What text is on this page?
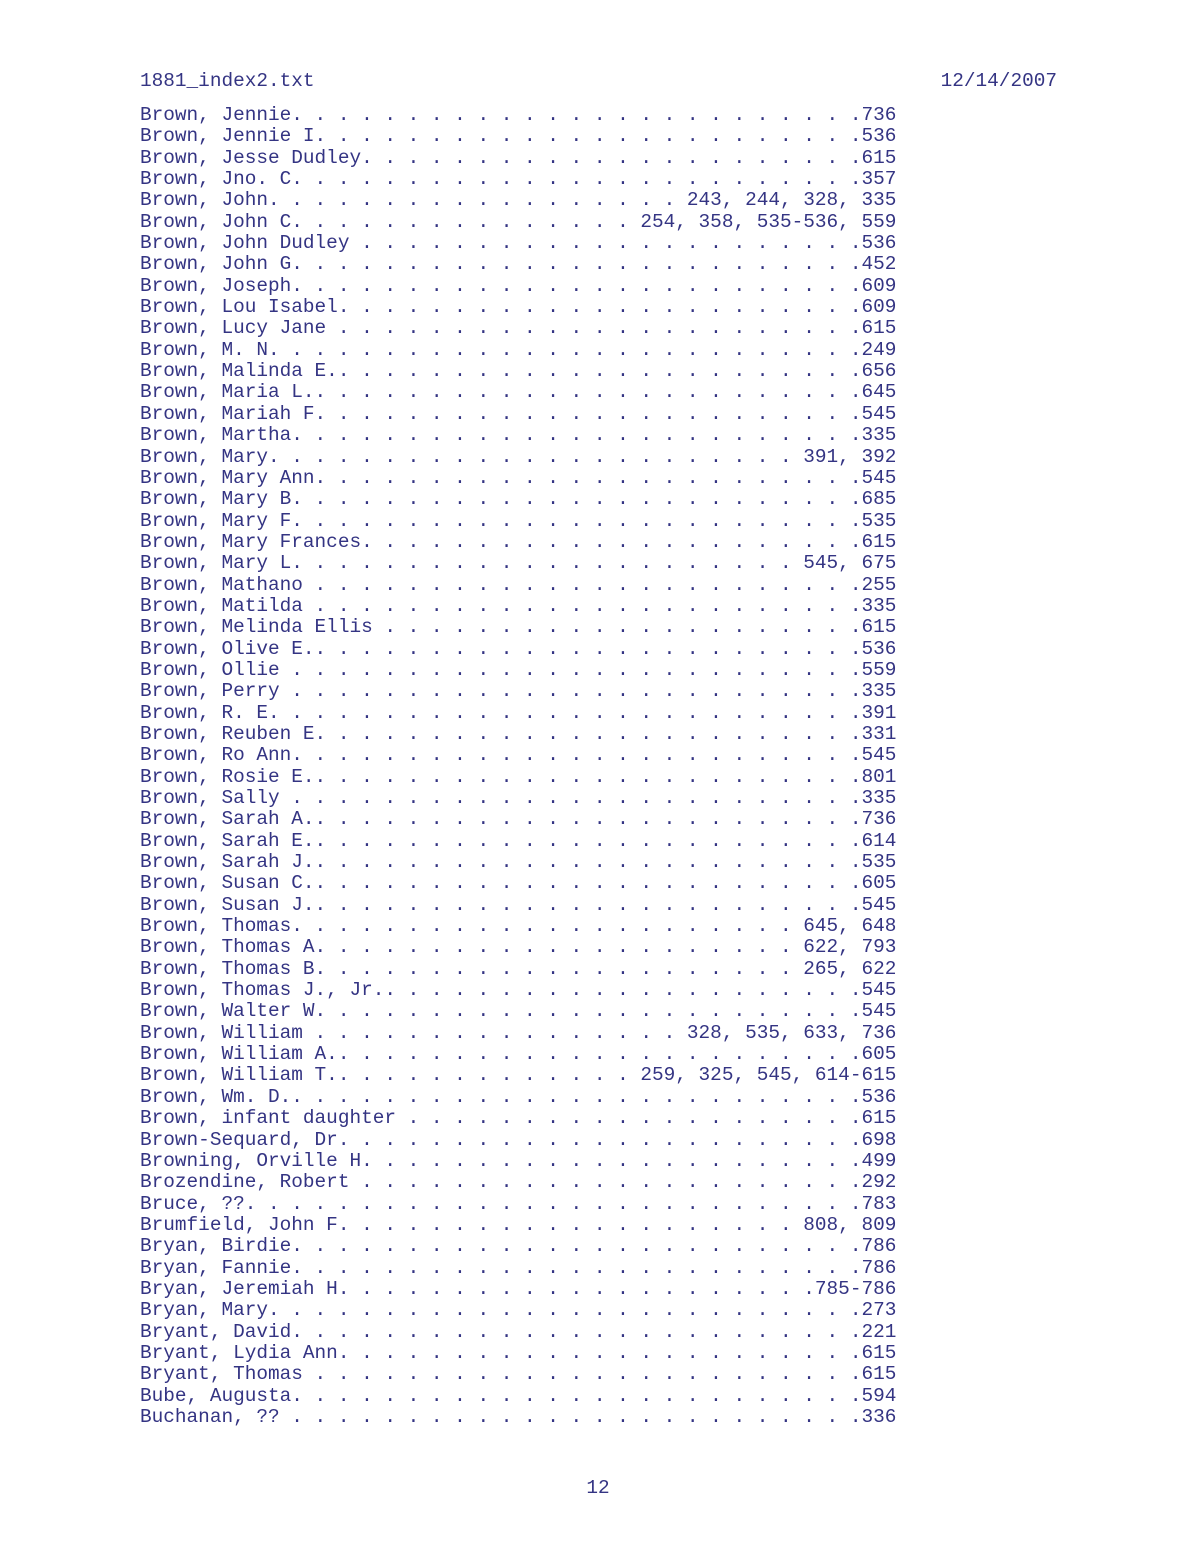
1881_index2.txt	12/14/2007
Brown, Jennie. . . . . . . . . . . . . . . . . . . . . . . . .736
Brown, Jennie I. . . . . . . . . . . . . . . . . . . . . . . .536
Brown, Jesse Dudley. . . . . . . . . . . . . . . . . . . . . .615
Brown, Jno. C. . . . . . . . . . . . . . . . . . . . . . . . .357
Brown, John. . . . . . . . . . . . . . . . . . 243, 244, 328, 335
Brown, John C. . . . . . . . . . . . . . . 254, 358, 535-536, 559
Brown, John Dudley . . . . . . . . . . . . . . . . . . . . . .536
Brown, John G. . . . . . . . . . . . . . . . . . . . . . . . .452
Brown, Joseph. . . . . . . . . . . . . . . . . . . . . . . . .609
Brown, Lou Isabel. . . . . . . . . . . . . . . . . . . . . . .609
Brown, Lucy Jane . . . . . . . . . . . . . . . . . . . . . . .615
Brown, M. N. . . . . . . . . . . . . . . . . . . . . . . . . .249
Brown, Malinda E.. . . . . . . . . . . . . . . . . . . . . . .656
Brown, Maria L.. . . . . . . . . . . . . . . . . . . . . . . .645
Brown, Mariah F. . . . . . . . . . . . . . . . . . . . . . . .545
Brown, Martha. . . . . . . . . . . . . . . . . . . . . . . . .335
Brown, Mary. . . . . . . . . . . . . . . . . . . . . . . 391, 392
Brown, Mary Ann. . . . . . . . . . . . . . . . . . . . . . . .545
Brown, Mary B. . . . . . . . . . . . . . . . . . . . . . . . .685
Brown, Mary F. . . . . . . . . . . . . . . . . . . . . . . . .535
Brown, Mary Frances. . . . . . . . . . . . . . . . . . . . . .615
Brown, Mary L. . . . . . . . . . . . . . . . . . . . . . 545, 675
Brown, Mathano . . . . . . . . . . . . . . . . . . . . . . . .255
Brown, Matilda . . . . . . . . . . . . . . . . . . . . . . . .335
Brown, Melinda Ellis . . . . . . . . . . . . . . . . . . . . .615
Brown, Olive E.. . . . . . . . . . . . . . . . . . . . . . . .536
Brown, Ollie . . . . . . . . . . . . . . . . . . . . . . . . .559
Brown, Perry . . . . . . . . . . . . . . . . . . . . . . . . .335
Brown, R. E. . . . . . . . . . . . . . . . . . . . . . . . . .391
Brown, Reuben E. . . . . . . . . . . . . . . . . . . . . . . .331
Brown, Ro Ann. . . . . . . . . . . . . . . . . . . . . . . . .545
Brown, Rosie E.. . . . . . . . . . . . . . . . . . . . . . . .801
Brown, Sally . . . . . . . . . . . . . . . . . . . . . . . . .335
Brown, Sarah A.. . . . . . . . . . . . . . . . . . . . . . . .736
Brown, Sarah E.. . . . . . . . . . . . . . . . . . . . . . . .614
Brown, Sarah J.. . . . . . . . . . . . . . . . . . . . . . . .535
Brown, Susan C.. . . . . . . . . . . . . . . . . . . . . . . .605
Brown, Susan J.. . . . . . . . . . . . . . . . . . . . . . . .545
Brown, Thomas. . . . . . . . . . . . . . . . . . . . . . 645, 648
Brown, Thomas A. . . . . . . . . . . . . . . . . . . . . 622, 793
Brown, Thomas B. . . . . . . . . . . . . . . . . . . . . 265, 622
Brown, Thomas J., Jr.. . . . . . . . . . . . . . . . . . . . .545
Brown, Walter W. . . . . . . . . . . . . . . . . . . . . . . .545
Brown, William . . . . . . . . . . . . . . . . 328, 535, 633, 736
Brown, William A.. . . . . . . . . . . . . . . . . . . . . . .605
Brown, William T.. . . . . . . . . . . . . 259, 325, 545, 614-615
Brown, Wm. D.. . . . . . . . . . . . . . . . . . . . . . . . .536
Brown, infant daughter . . . . . . . . . . . . . . . . . . . .615
Brown-Sequard, Dr. . . . . . . . . . . . . . . . . . . . . . .698
Browning, Orville H. . . . . . . . . . . . . . . . . . . . . .499
Brozendine, Robert . . . . . . . . . . . . . . . . . . . . . .292
Bruce, ??. . . . . . . . . . . . . . . . . . . . . . . . . . .783
Brumfield, John F. . . . . . . . . . . . . . . . . . . . 808, 809
Bryan, Birdie. . . . . . . . . . . . . . . . . . . . . . . . .786
Bryan, Fannie. . . . . . . . . . . . . . . . . . . . . . . . .786
Bryan, Jeremiah H. . . . . . . . . . . . . . . . . . . . .785-786
Bryan, Mary. . . . . . . . . . . . . . . . . . . . . . . . . .273
Bryant, David. . . . . . . . . . . . . . . . . . . . . . . . .221
Bryant, Lydia Ann. . . . . . . . . . . . . . . . . . . . . . .615
Bryant, Thomas . . . . . . . . . . . . . . . . . . . . . . . .615
Bube, Augusta. . . . . . . . . . . . . . . . . . . . . . . . .594
Buchanan, ?? . . . . . . . . . . . . . . . . . . . . . . . . .336
12
